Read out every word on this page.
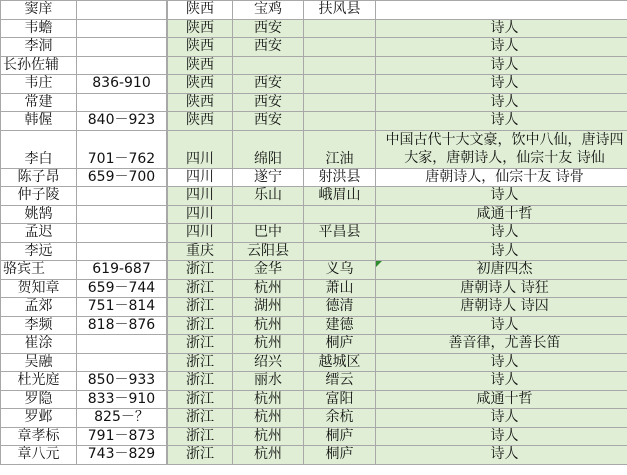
窦庠			陕西	宝鸡	扶风县	
韦蟾			陕西	西安		诗人
李洞			陕西	西安		诗人
长孙佐辅			陕西			诗人
韦庄	836-910		陕西	西安		诗人
常建			陕西	西安		诗人
韩偓	840－923		陕西	西安		诗人
李白	701－762		四川	绵阳	江油	中国古代十大文豪，饮中八仙，唐诗四大家，唐朝诗人，仙宗十友 诗仙
陈子昂	659－700		四川	遂宁	射洪县	唐朝诗人，仙宗十友 诗骨
仲子陵			四川	乐山	峨眉山	诗人
姚鹄			四川			咸通十哲
孟迟			四川	巴中	平昌县	诗人
李远			重庆	云阳县		诗人
骆宾王	619-687		浙江	金华	义乌	初唐四杰
贺知章	659－744		浙江	杭州	萧山	唐朝诗人 诗狂
孟郊	751－814		浙江	湖州	德清	唐朝诗人 诗囚
李频	818－876		浙江	杭州	建德	诗人
崔涂			浙江	杭州	桐庐	善音律，尤善长笛
吴融			浙江	绍兴	越城区	诗人
杜光庭	850－933		浙江	丽水	缙云	诗人
罗隐	833－910		浙江	杭州	富阳	咸通十哲
罗邺	825－？		浙江	杭州	余杭	诗人
章孝标	791－873		浙江	杭州	桐庐	诗人
章八元	743－829		浙江	杭州	桐庐	诗人
